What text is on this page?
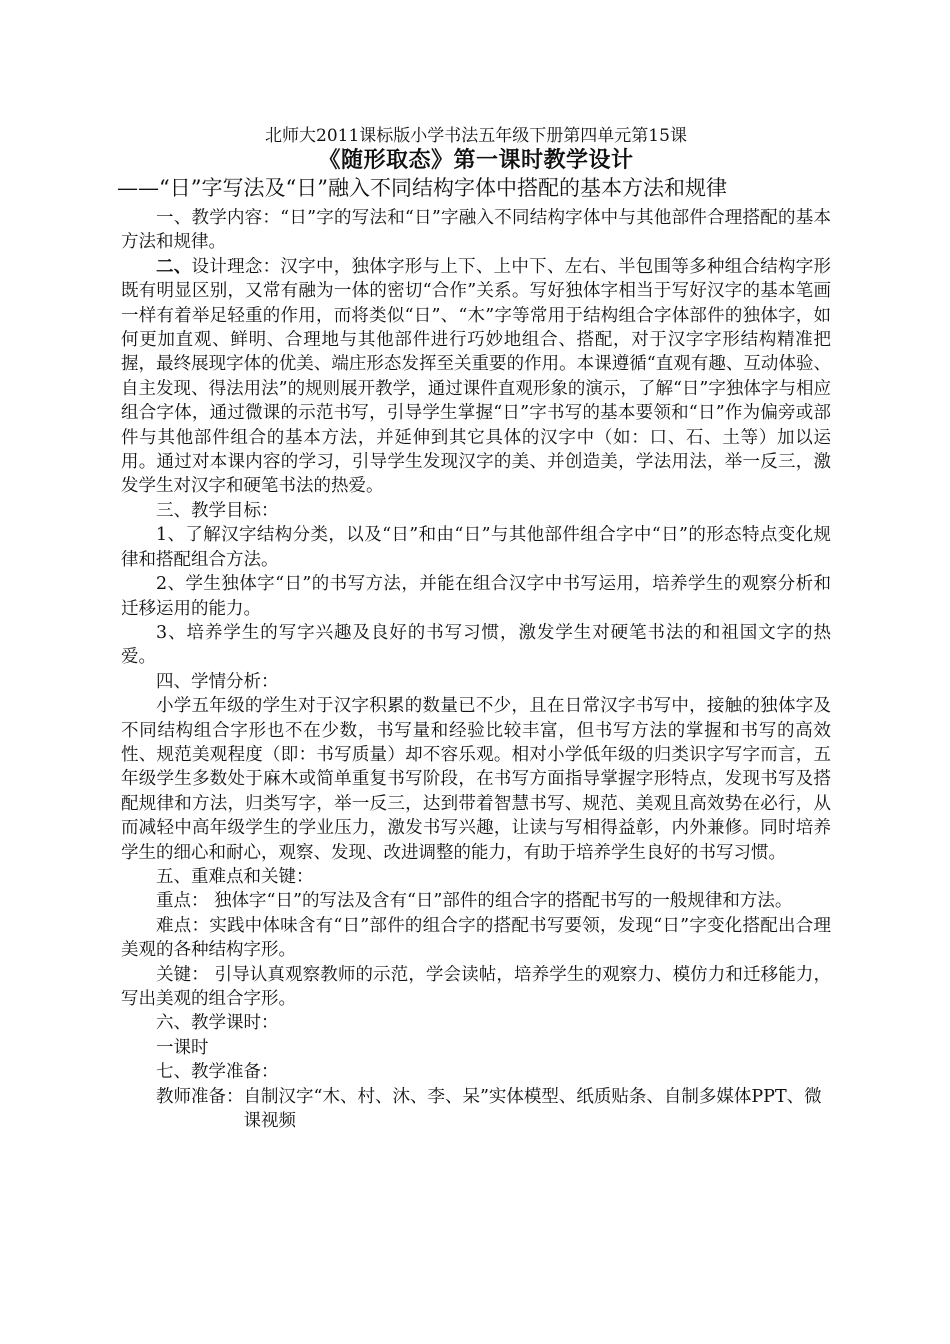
北师大2011课标版小学书法五年级下册第四单元第15课
《随形取态》第一课时教学设计
——“日”字写法及“日”融入不同结构字体中搭配的基本方法和规律

一、教学内容：“日”字的写法和“日”字融入不同结构字体中与其他部件合理搭配的基本方法和规律。

二、设计理念：汉字中，独体字形与上下、上中下、左右、半包围等多种组合结构字形既有明显区别，又常有融为一体的密切“合作”关系。写好独体字相当于写好汉字的基本笔画一样有着举足轻重的作用，而将类似“日”、“木”字等常用于结构组合字体部件的独体字，如何更加直观、鲜明、合理地与其他部件进行巧妙地组合、搭配，对于汉字字形结构精准把握，最终展现字体的优美、端庄形态发挥至关重要的作用。本课遵循“直观有趣、互动体验、自主发现、得法用法”的规则展开教学，通过课件直观形象的演示，了解“日”字独体字与相应组合字体，通过微课的示范书写，引导学生掌握“日”字书写的基本要领和“日”作为偏旁或部件与其他部件组合的基本方法，并延伸到其它具体的汉字中（如：口、石、土等）加以运用。通过对本课内容的学习，引导学生发现汉字的美、并创造美，学法用法，举一反三，激发学生对汉字和硬笔书法的热爱。

三、教学目标：

1、了解汉字结构分类，以及“日”和由“日”与其他部件组合字中“日”的形态特点变化规律和搭配组合方法。

2、学生独体字“日”的书写方法，并能在组合汉字中书写运用，培养学生的观察分析和迁移运用的能力。

3、培养学生的写字兴趣及良好的书写习惯，激发学生对硬笔书法的和祖国文字的热爱。

四、学情分析：

小学五年级的学生对于汉字积累的数量已不少，且在日常汉字书写中，接触的独体字及不同结构组合字形也不在少数，书写量和经验比较丰富，但书写方法的掌握和书写的高效性、规范美观程度（即：书写质量）却不容乐观。相对小学低年级的归类识字写字而言，五年级学生多数处于麻木或简单重复书写阶段，在书写方面指导掌握字形特点，发现书写及搭配规律和方法，归类写字，举一反三，达到带着智慧书写、规范、美观且高效势在必行，从而减轻中高年级学生的学业压力，激发书写兴趣，让读与写相得益彰，内外兼修。同时培养学生的细心和耐心，观察、发现、改进调整的能力，有助于培养学生良好的书写习惯。

五、重难点和关键：

重点： 独体字“日”的写法及含有“日”部件的组合字的搭配书写的一般规律和方法。

难点：实践中体味含有“日”部件的组合字的搭配书写要领，发现“日”字变化搭配出合理美观的各种结构字形。

关键： 引导认真观察教师的示范，学会读帖，培养学生的观察力、模仿力和迁移能力，写出美观的组合字形。

六、教学课时：

一课时

七、教学准备：

教师准备： 自制汉字“木、村、沐、李、呆”实体模型、纸质贴条、自制多媒体PPT、微课视频
